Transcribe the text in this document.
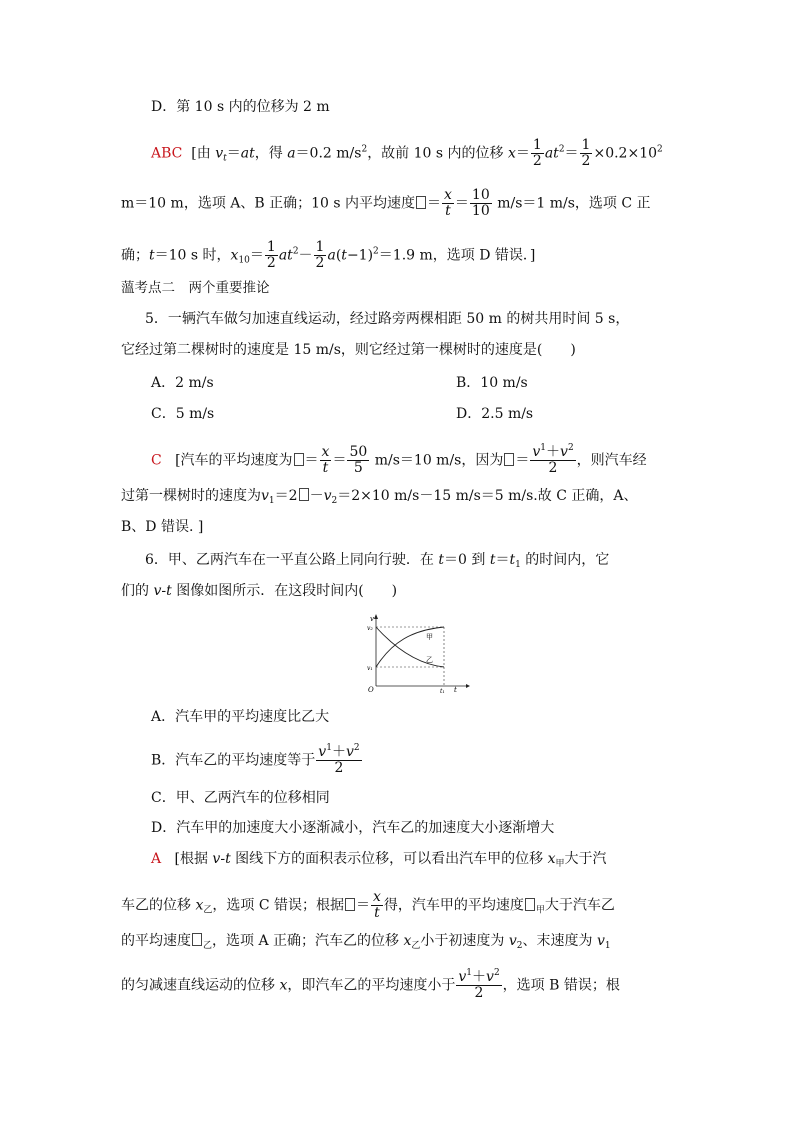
D．第 10 s 内的位移为 2 m
ABC [由 $v_t=at$，得 a＝0.2 $m/s^2$，故前 10 s 内的位移 $x= \frac{1}{2} at^2= \frac{1}{2} \times 0.2\times 10^2$
m＝10 m，选项 A、B 正确；10 s 内平均速度 ＝ $\frac{x}{t} = \frac{10}{10} m/s=1$ m/s，选项 C 正
确；t＝10 s 时，$x_{10}= \frac{1}{2} at^2- \frac{1}{2} a(t-1)^2=1.9$ m，选项 D 错误．]
薀考点二　两个重要推论
5．一辆汽车做匀加速直线运动，经过路旁两棵相距 50 m 的树共用时间 5 s，
它经过第二棵树时的速度是 15 m/s，则它经过第一棵树时的速度是(　　)
A．2 m/s	B．10 m/s
C．5 m/s	D．2.5 m/s
C [汽车的平均速度为 ＝ $\frac{x}{t} = \frac{50}{5} m/s=10$ m/s，因为 ＝ $\frac{v^1+v^2}{2}$ ，则汽车经
过第一棵树时的速度为$v_1=2 -v_2=2\times 10$ m/s－15 m/s＝5 m/s.故 C 正确，A、
B、D 错误. ]
6．甲、乙两汽车在一平直公路上同向行驶．在 t＝0 到 $t=t_1$ 的时间内，它
们的 v-t 图像如图所示．在这段时间内(　　)
v
v₂
v₁
O	t₁ t
甲
乙
A．汽车甲的平均速度比乙大
B．汽车乙的平均速度等于 $\frac{v^1+v^2}{2}$
C．甲、乙两汽车的位移相同
D．汽车甲的加速度大小逐渐减小，汽车乙的加速度大小逐渐增大
A [根据 v-t 图线下方的面积表示位移，可以看出汽车甲的位移 $x_甲$大于汽
车乙的位移 $x_乙$，选项 C 错误；根据 ＝ $\frac{x}{t}$ 得，汽车甲的平均速度 $_甲$大于汽车乙
的平均速度 $_乙$，选项 A 正确；汽车乙的位移 $x_乙$小于初速度为 $v_2$、末速度为 $v_1$
的匀减速直线运动的位移 x，即汽车乙的平均速度小于 $\frac{v^1+v^2}{2}$ ，选项 B 错误；根
